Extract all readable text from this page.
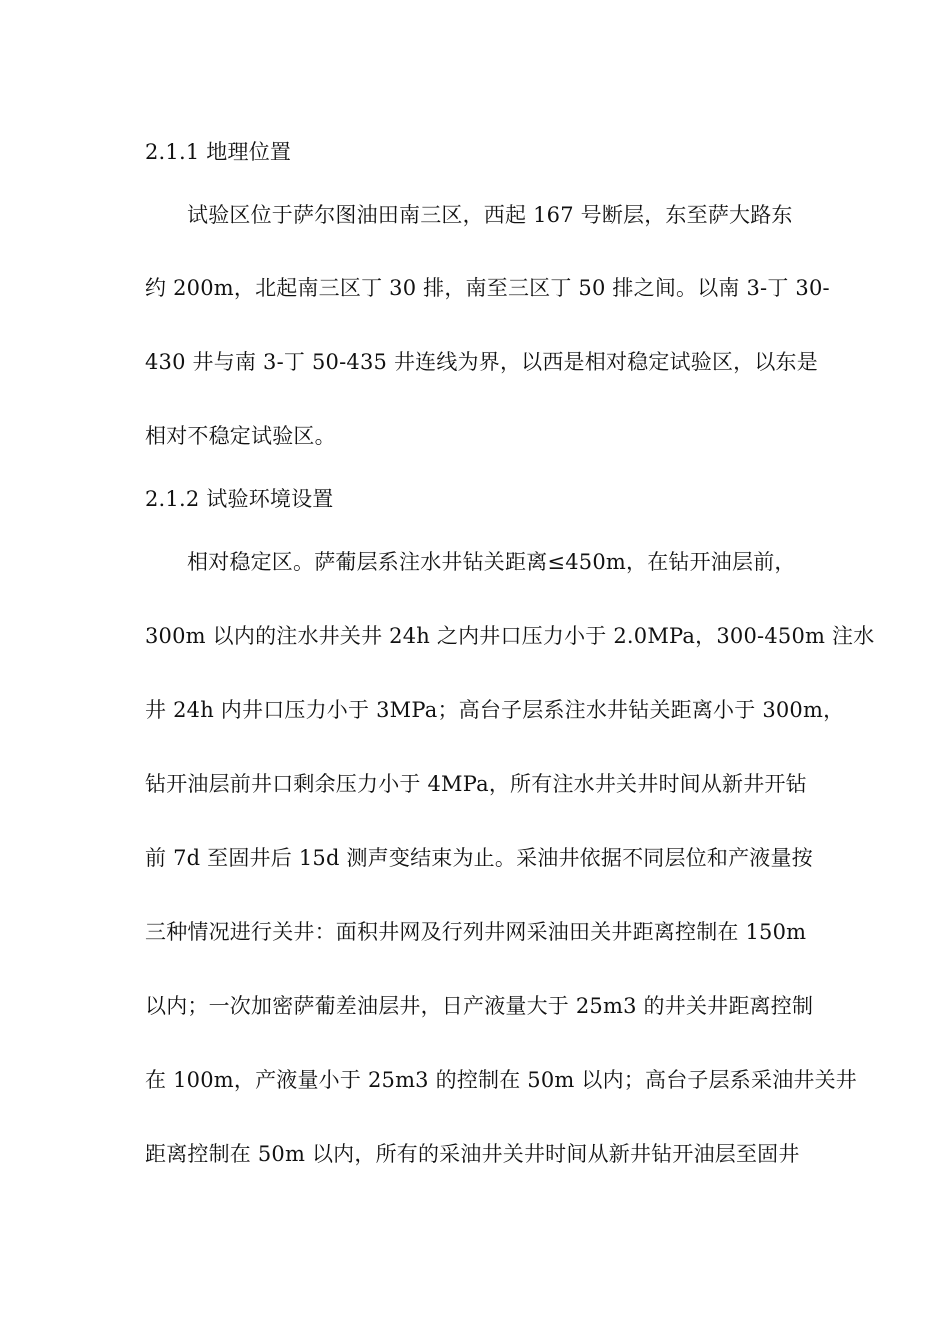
2.1.1 地理位置
试验区位于萨尔图油田南三区，西起 167 号断层，东至萨大路东
约 200m，北起南三区丁 30 排，南至三区丁 50 排之间。以南 3-丁 30-
430 井与南 3-丁 50-435 井连线为界，以西是相对稳定试验区，以东是
相对不稳定试验区。
2.1.2 试验环境设置
相对稳定区。萨葡层系注水井钻关距离≤450m，在钻开油层前，
300m 以内的注水井关井 24h 之内井口压力小于 2.0MPa，300-450m 注水
井 24h 内井口压力小于 3MPa；高台子层系注水井钻关距离小于 300m，
钻开油层前井口剩余压力小于 4MPa，所有注水井关井时间从新井开钻
前 7d 至固井后 15d 测声变结束为止。采油井依据不同层位和产液量按
三种情况进行关井：面积井网及行列井网采油田关井距离控制在 150m
以内；一次加密萨葡差油层井，日产液量大于 25m3 的井关井距离控制
在 100m，产液量小于 25m3 的控制在 50m 以内；高台子层系采油井关井
距离控制在 50m 以内，所有的采油井关井时间从新井钻开油层至固井
